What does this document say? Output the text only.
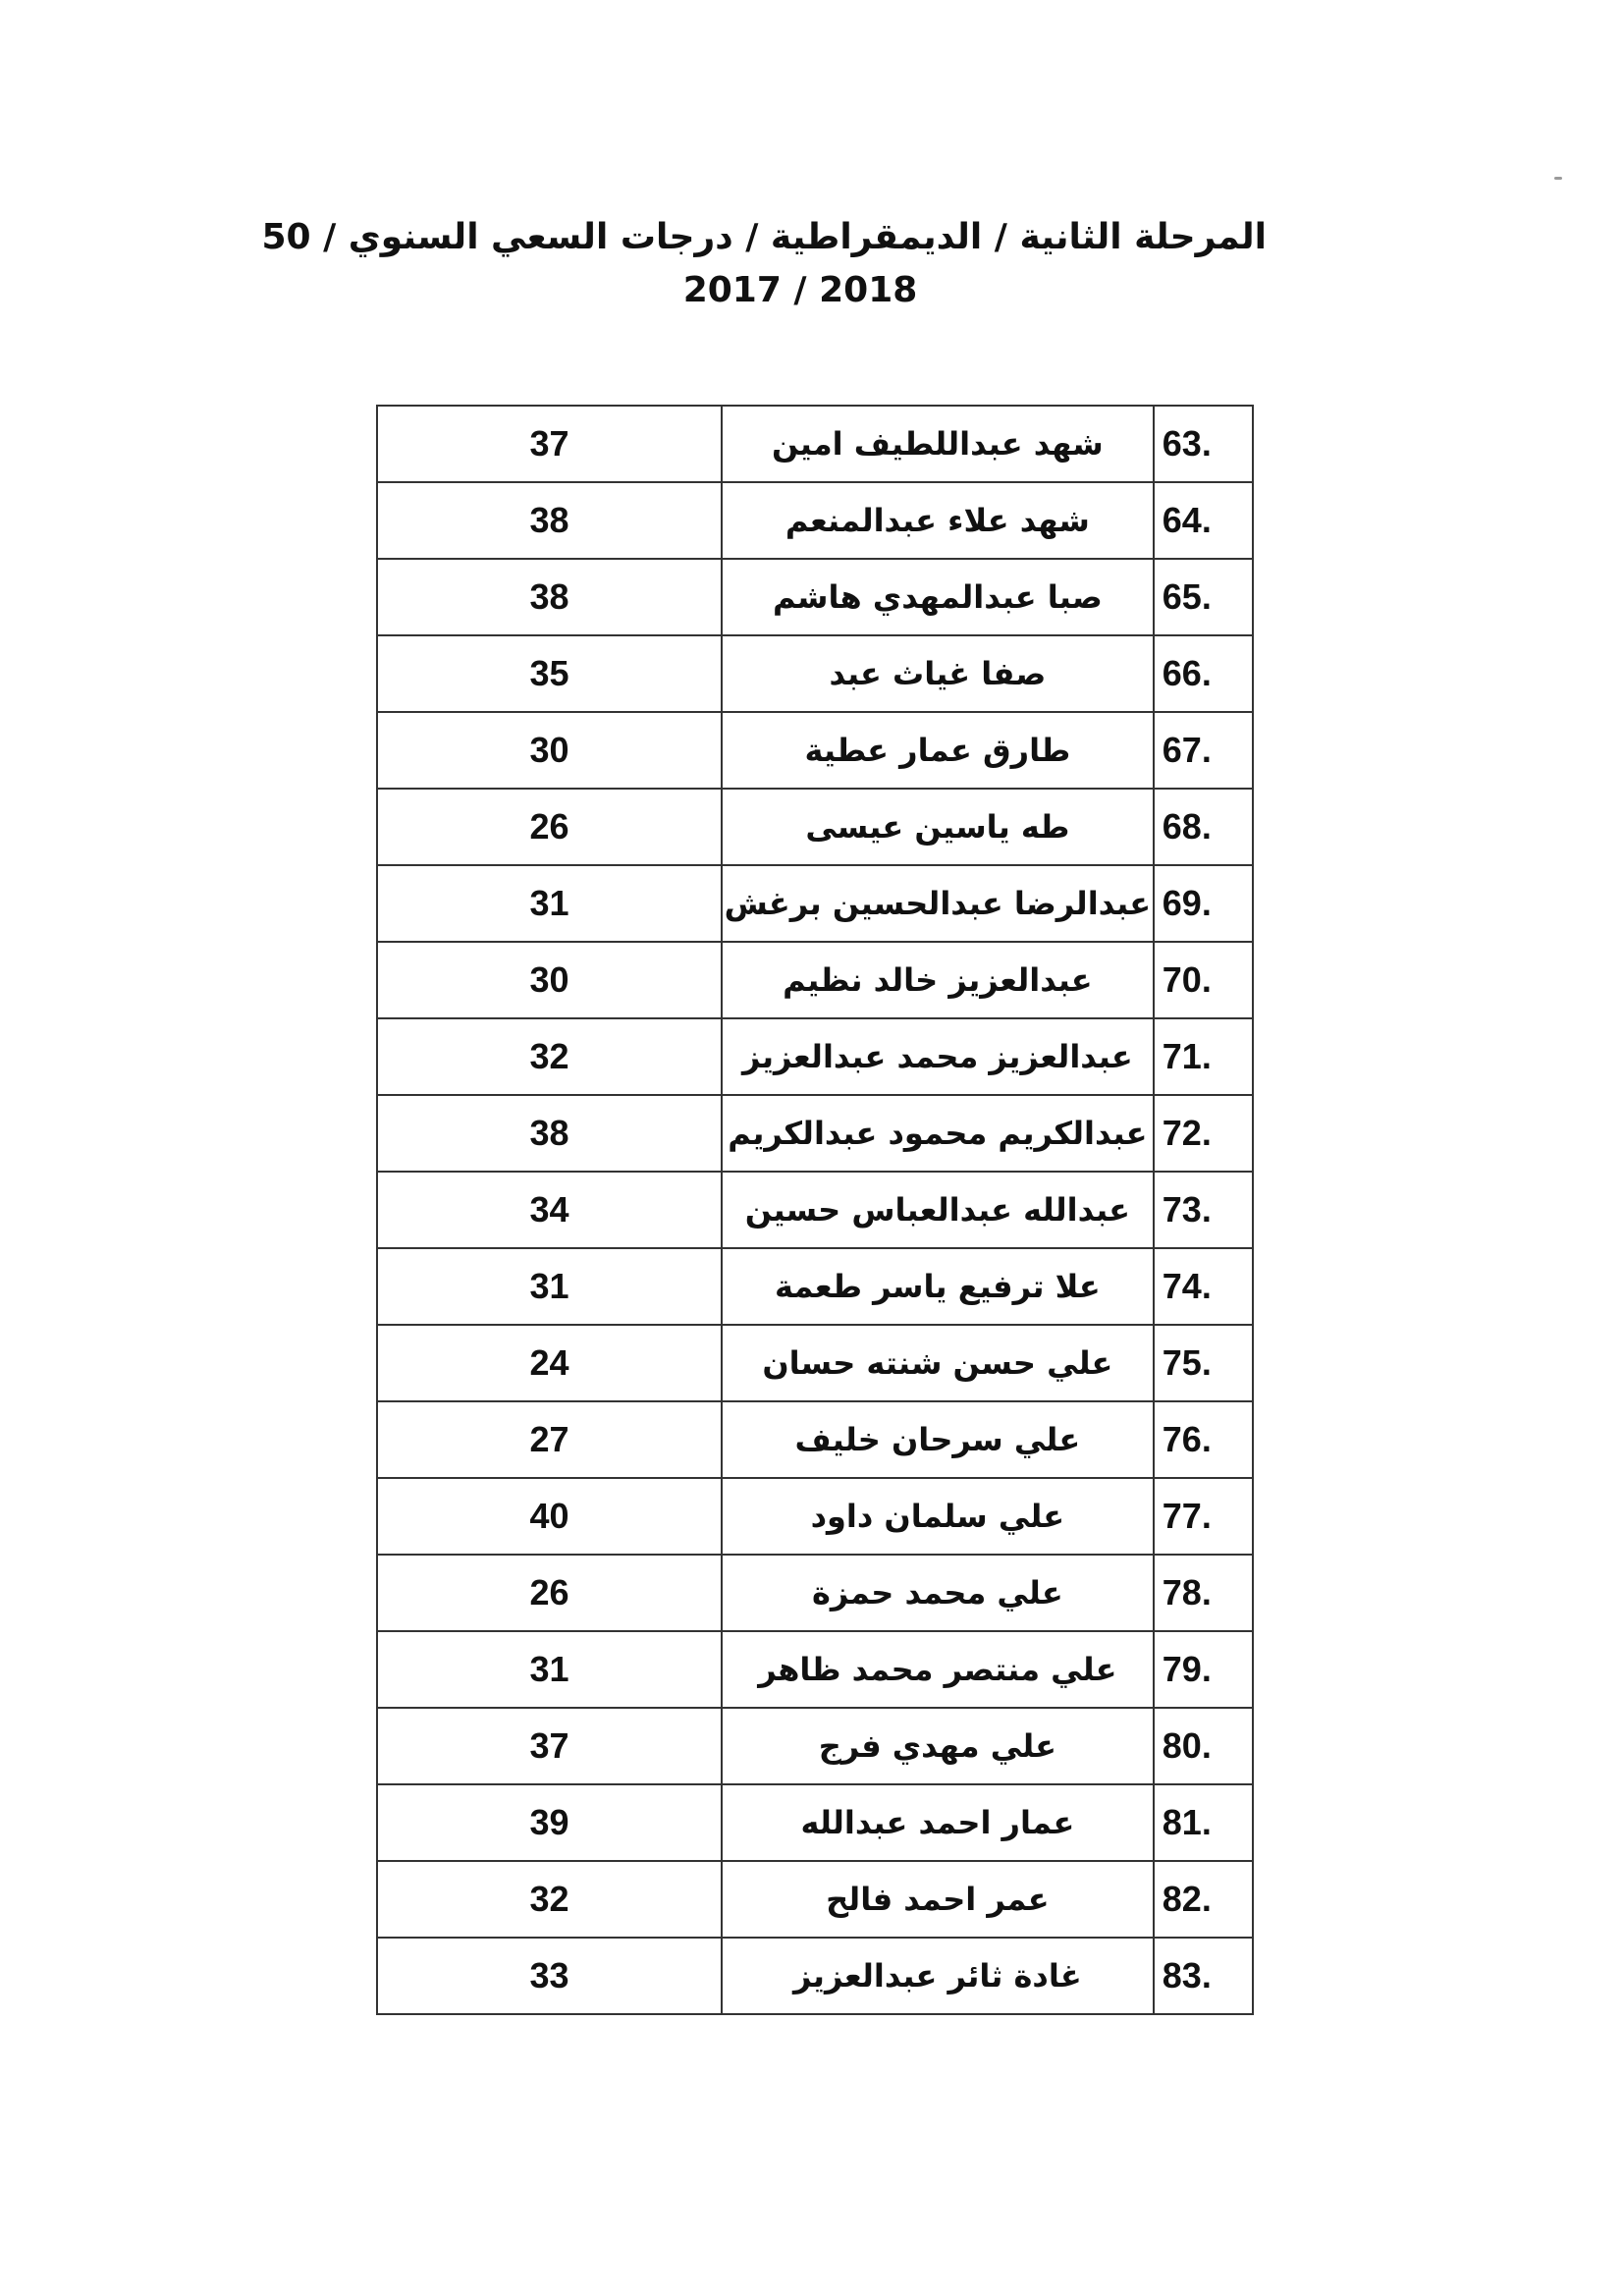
المرحلة الثانية / الديمقراطية / درجات السعي السنوي / 50
2017 / 2018
37	شهد عبداللطيف امين	63.
38	شهد علاء عبدالمنعم	64.
38	صبا عبدالمهدي هاشم	65.
35	صفا غياث عبد	66.
30	طارق عمار عطية	67.
26	طه ياسين عيسى	68.
31	عبدالرضا عبدالحسين برغش	69.
30	عبدالعزيز خالد نظيم	70.
32	عبدالعزيز محمد عبدالعزيز	71.
38	عبدالكريم محمود عبدالكريم	72.
34	عبدالله عبدالعباس حسين	73.
31	علا ترفيع ياسر طعمة	74.
24	علي حسن شنته حسان	75.
27	علي سرحان خليف	76.
40	علي سلمان داود	77.
26	علي محمد حمزة	78.
31	علي منتصر محمد ظاهر	79.
37	علي مهدي فرج	80.
39	عمار احمد عبدالله	81.
32	عمر احمد فالح	82.
33	غادة ثائر عبدالعزيز	83.
